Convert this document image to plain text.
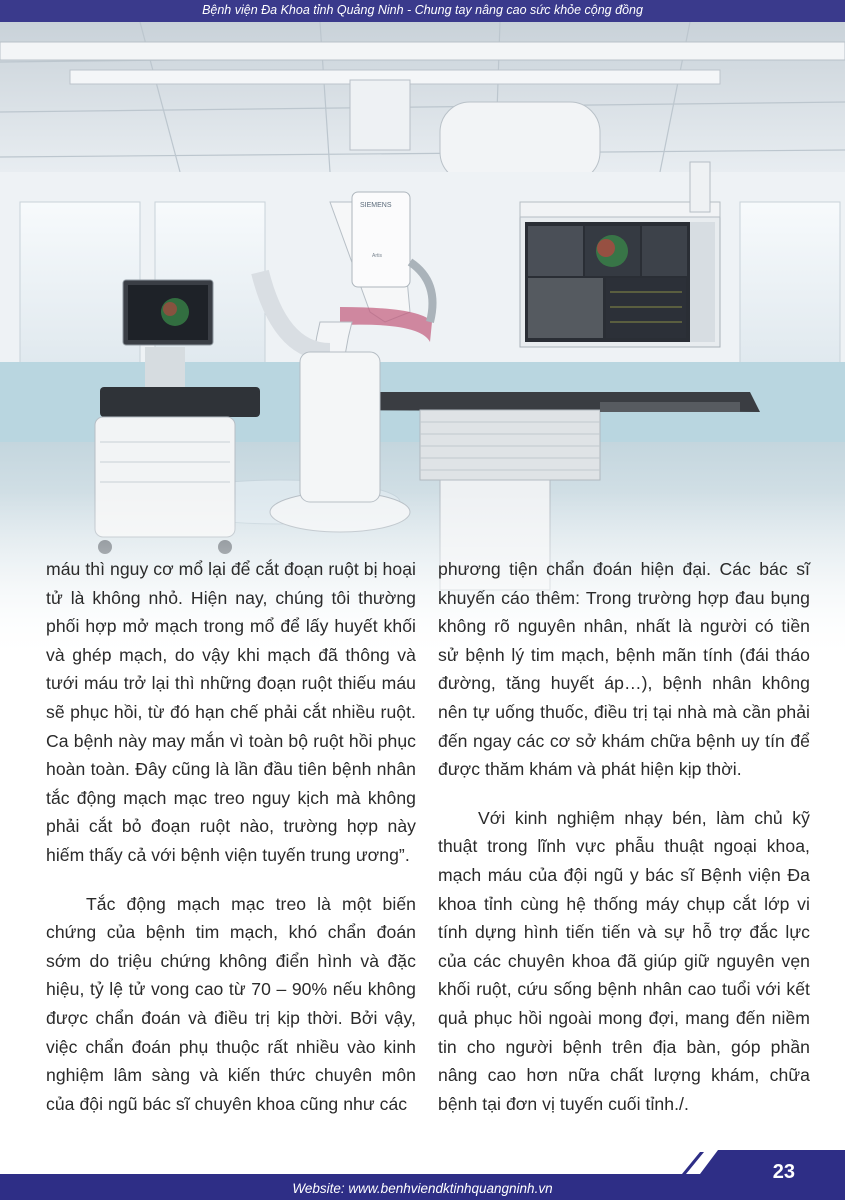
Bệnh viện Đa Khoa tỉnh Quảng Ninh - Chung tay nâng cao sức khỏe cộng đồng
SIEMENS
Artis

máu thì nguy cơ mổ lại để cắt đoạn ruột bị hoại tử là không nhỏ. Hiện nay, chúng tôi thường phối hợp mở mạch trong mổ để lấy huyết khối và ghép mạch, do vậy khi mạch đã thông và tưới máu trở lại thì những đoạn ruột thiếu máu sẽ phục hồi, từ đó hạn chế phải cắt nhiều ruột. Ca bệnh này may mắn vì toàn bộ ruột hồi phục hoàn toàn. Đây cũng là lần đầu tiên bệnh nhân tắc động mạch mạc treo nguy kịch mà không phải cắt bỏ đoạn ruột nào, trường hợp này hiếm thấy cả với bệnh viện tuyến trung ương”.

Tắc động mạch mạc treo là một biến chứng của bệnh tim mạch, khó chẩn đoán sớm do triệu chứng không điển hình và đặc hiệu, tỷ lệ tử vong cao từ 70 – 90% nếu không được chẩn đoán và điều trị kịp thời. Bởi vậy, việc chẩn đoán phụ thuộc rất nhiều vào kinh nghiệm lâm sàng và kiến thức chuyên môn của đội ngũ bác sĩ chuyên khoa cũng như các

phương tiện chẩn đoán hiện đại. Các bác sĩ khuyến cáo thêm: Trong trường hợp đau bụng không rõ nguyên nhân, nhất là người có tiền sử bệnh lý tim mạch, bệnh mãn tính (đái tháo đường, tăng huyết áp…), bệnh nhân không nên tự uống thuốc, điều trị tại nhà mà cần phải đến ngay các cơ sở khám chữa bệnh uy tín để được thăm khám và phát hiện kịp thời.

Với kinh nghiệm nhạy bén, làm chủ kỹ thuật trong lĩnh vực phẫu thuật ngoại khoa, mạch máu của đội ngũ y bác sĩ Bệnh viện Đa khoa tỉnh cùng hệ thống máy chụp cắt lớp vi tính dựng hình tiến tiến và sự hỗ trợ đắc lực của các chuyên khoa đã giúp giữ nguyên vẹn khối ruột, cứu sống bệnh nhân cao tuổi với kết quả phục hồi ngoài mong đợi, mang đến niềm tin cho người bệnh trên địa bàn, góp phần nâng cao hơn nữa chất lượng khám, chữa bệnh tại đơn vị tuyến cuối tỉnh./.

23
Website: www.benhviendktinhquangninh.vn
